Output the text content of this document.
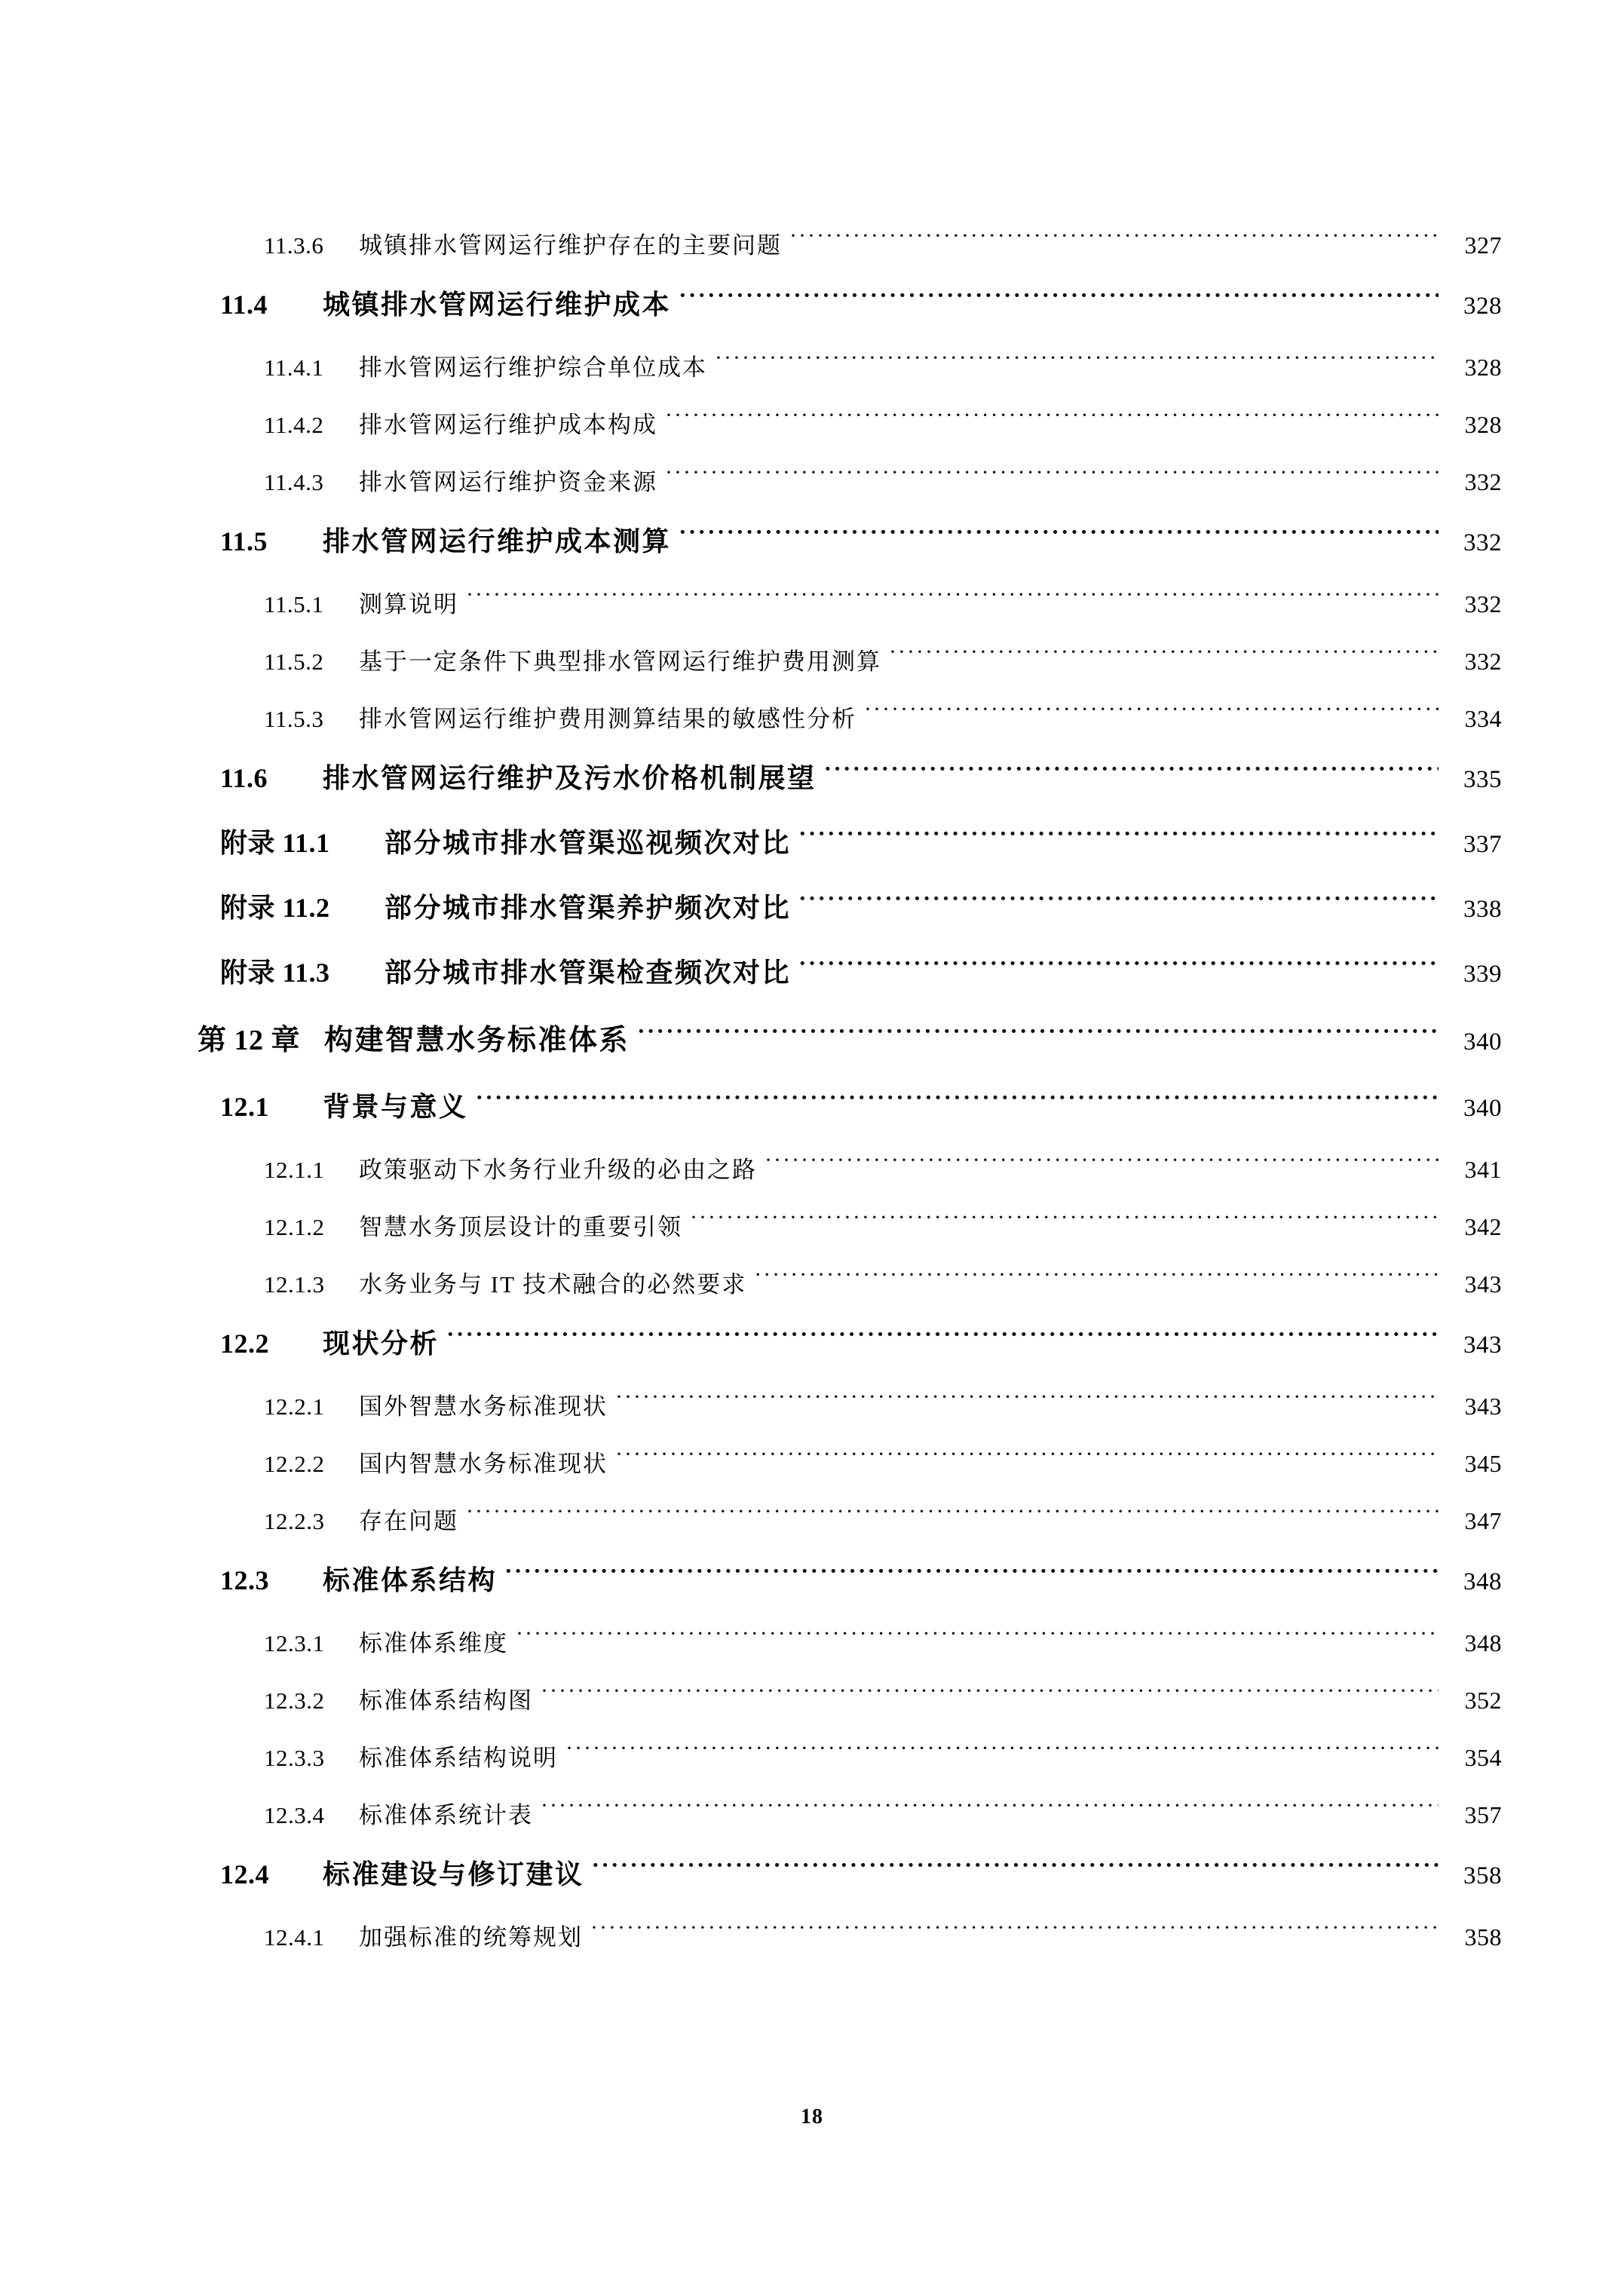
11.3.6	城镇排水管网运行维护存在的主要问题 ·····	327
11.4	城镇排水管网运行维护成本 ·····	328
11.4.1	排水管网运行维护综合单位成本 ·····	328
11.4.2	排水管网运行维护成本构成 ·····	328
11.4.3	排水管网运行维护资金来源 ·····	332
11.5	排水管网运行维护成本测算 ·····	332
11.5.1	测算说明 ·····	332
11.5.2	基于一定条件下典型排水管网运行维护费用测算 ·····	332
11.5.3	排水管网运行维护费用测算结果的敏感性分析 ·····	334
11.6	排水管网运行维护及污水价格机制展望 ·····	335
附录 11.1	部分城市排水管渠巡视频次对比 ·····	337
附录 11.2	部分城市排水管渠养护频次对比 ·····	338
附录 11.3	部分城市排水管渠检查频次对比 ·····	339
第 12 章 构建智慧水务标准体系 ·····	340
12.1	背景与意义 ·····	340
12.1.1	政策驱动下水务行业升级的必由之路 ·····	341
12.1.2	智慧水务顶层设计的重要引领 ·····	342
12.1.3	水务业务与 IT 技术融合的必然要求 ·····	343
12.2	现状分析 ·····	343
12.2.1	国外智慧水务标准现状 ·····	343
12.2.2	国内智慧水务标准现状 ·····	345
12.2.3	存在问题 ·····	347
12.3	标准体系结构 ·····	348
12.3.1	标准体系维度 ·····	348
12.3.2	标准体系结构图 ·····	352
12.3.3	标准体系结构说明 ·····	354
12.3.4	标准体系统计表 ·····	357
12.4	标准建设与修订建议 ·····	358
12.4.1	加强标准的统筹规划 ·····	358
18
